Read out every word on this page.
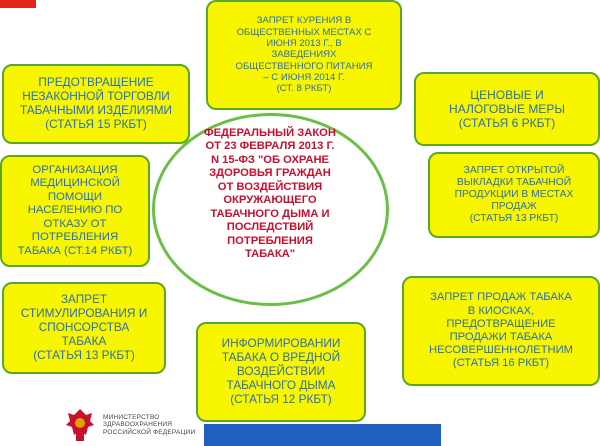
ЗАПРЕТ КУРЕНИЯ В
ОБЩЕСТВЕННЫХ МЕСТАХ С
ИЮНЯ 2013 Г., В
ЗАВЕДЕНИЯХ
ОБЩЕСТВЕННОГО ПИТАНИЯ
– С ИЮНЯ 2014 Г.
(СТ. 8 РКБТ)
ПРЕДОТВРАЩЕНИЕ
НЕЗАКОННОЙ ТОРГОВЛИ
ТАБАЧНЫМИ ИЗДЕЛИЯМИ
(СТАТЬЯ 15 РКБТ)
ЦЕНОВЫЕ И
НАЛОГОВЫЕ МЕРЫ
(СТАТЬЯ 6 РКБТ)
ОРГАНИЗАЦИЯ
МЕДИЦИНСКОЙ
ПОМОЩИ
НАСЕЛЕНИЮ ПО
ОТКАЗУ ОТ
ПОТРЕБЛЕНИЯ
ТАБАКА (СТ.14 РКБТ)
ЗАПРЕТ ОТКРЫТОЙ
ВЫКЛАДКИ ТАБАЧНОЙ
ПРОДУКЦИИ В МЕСТАХ
ПРОДАЖ
(СТАТЬЯ 13 РКБТ)
ЗАПРЕТ
СТИМУЛИРОВАНИЯ И
СПОНСОРСТВА
ТАБАКА
(СТАТЬЯ 13 РКБТ)
ЗАПРЕТ ПРОДАЖ ТАБАКА
В КИОСКАХ,
ПРЕДОТВРАЩЕНИЕ
ПРОДАЖИ ТАБАКА
НЕСОВЕРШЕННОЛЕТНИМ
(СТАТЬЯ 16 РКБТ)
ИНФОРМИРОВАНИИ
ТАБАКА О ВРЕДНОЙ
ВОЗДЕЙСТВИИ
ТАБАЧНОГО ДЫМА
(СТАТЬЯ 12 РКБТ)
ФЕДЕРАЛЬНЫЙ ЗАКОН
ОТ 23 ФЕВРАЛЯ 2013 Г.
N 15-ФЗ "ОБ ОХРАНЕ
ЗДОРОВЬЯ ГРАЖДАН
ОТ ВОЗДЕЙСТВИЯ
ОКРУЖАЮЩЕГО
ТАБАЧНОГО ДЫМА И
ПОСЛЕДСТВИЙ
ПОТРЕБЛЕНИЯ
ТАБАКА"
МИНИСТЕРСТВО
ЗДРАВООХРАНЕНИЯ
РОССИЙСКОЙ ФЕДЕРАЦИИ
